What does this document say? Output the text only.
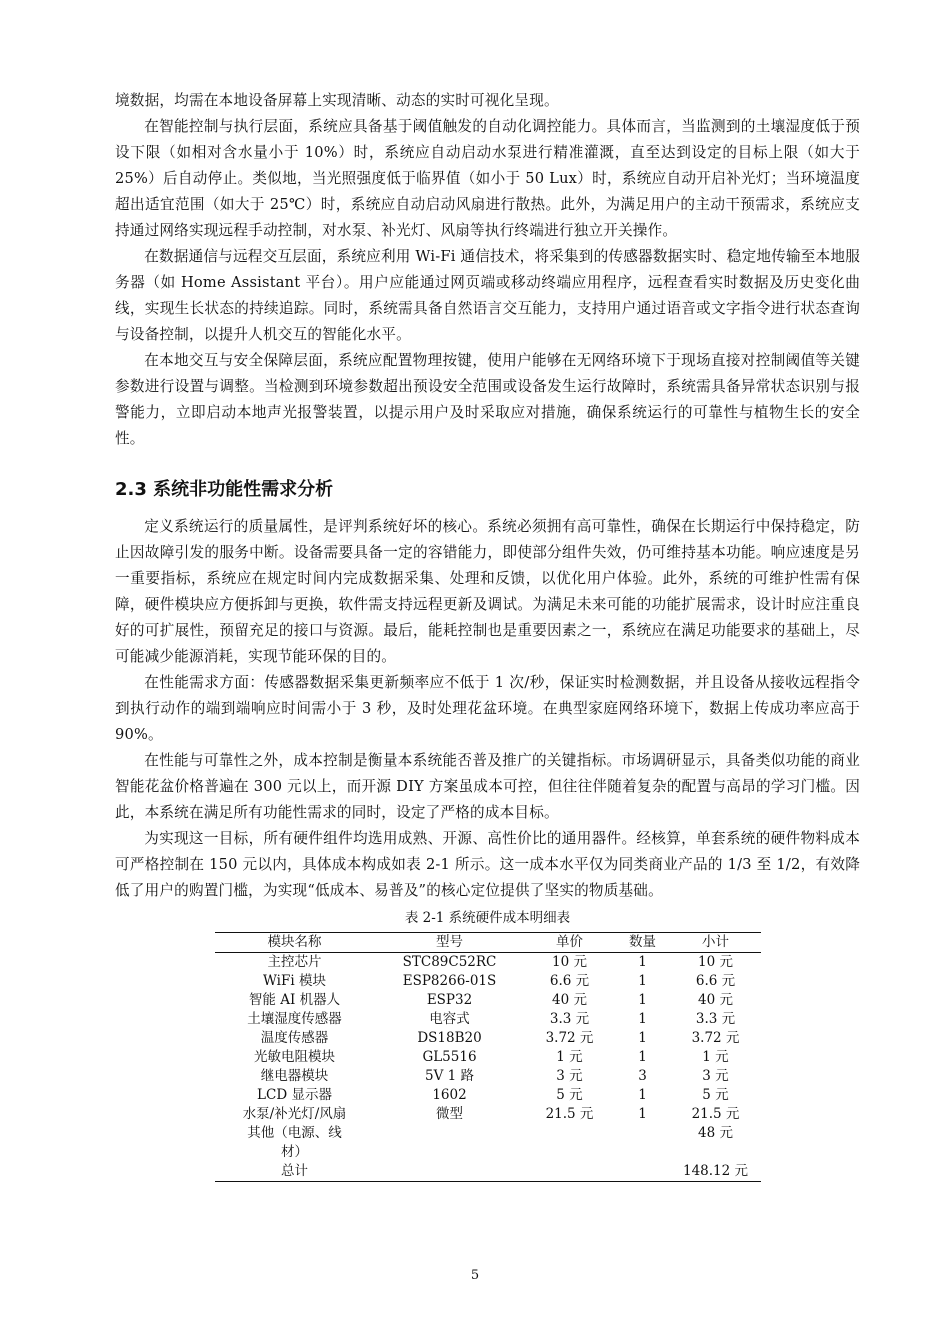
境数据，均需在本地设备屏幕上实现清晰、动态的实时可视化呈现。

在智能控制与执行层面，系统应具备基于阈值触发的自动化调控能力。具体而言，当监测到的土壤湿度低于预设下限（如相对含水量小于 10%）时，系统应自动启动水泵进行精准灌溉，直至达到设定的目标上限（如大于 25%）后自动停止。类似地，当光照强度低于临界值（如小于 50 Lux）时，系统应自动开启补光灯；当环境温度超出适宜范围（如大于 25℃）时，系统应自动启动风扇进行散热。此外，为满足用户的主动干预需求，系统应支持通过网络实现远程手动控制，对水泵、补光灯、风扇等执行终端进行独立开关操作。

在数据通信与远程交互层面，系统应利用 Wi-Fi 通信技术，将采集到的传感器数据实时、稳定地传输至本地服务器（如 Home Assistant 平台）。用户应能通过网页端或移动终端应用程序，远程查看实时数据及历史变化曲线，实现生长状态的持续追踪。同时，系统需具备自然语言交互能力，支持用户通过语音或文字指令进行状态查询与设备控制，以提升人机交互的智能化水平。

在本地交互与安全保障层面，系统应配置物理按键，使用户能够在无网络环境下于现场直接对控制阈值等关键参数进行设置与调整。当检测到环境参数超出预设安全范围或设备发生运行故障时，系统需具备异常状态识别与报警能力，立即启动本地声光报警装置，以提示用户及时采取应对措施，确保系统运行的可靠性与植物生长的安全性。

2.3 系统非功能性需求分析

定义系统运行的质量属性，是评判系统好坏的核心。系统必须拥有高可靠性，确保在长期运行中保持稳定，防止因故障引发的服务中断。设备需要具备一定的容错能力，即使部分组件失效，仍可维持基本功能。响应速度是另一重要指标，系统应在规定时间内完成数据采集、处理和反馈，以优化用户体验。此外，系统的可维护性需有保障，硬件模块应方便拆卸与更换，软件需支持远程更新及调试。为满足未来可能的功能扩展需求，设计时应注重良好的可扩展性，预留充足的接口与资源。最后，能耗控制也是重要因素之一，系统应在满足功能要求的基础上，尽可能减少能源消耗，实现节能环保的目的。

在性能需求方面：传感器数据采集更新频率应不低于 1 次/秒，保证实时检测数据，并且设备从接收远程指令到执行动作的端到端响应时间需小于 3 秒，及时处理花盆环境。在典型家庭网络环境下，数据上传成功率应高于 90%。

在性能与可靠性之外，成本控制是衡量本系统能否普及推广的关键指标。市场调研显示，具备类似功能的商业智能花盆价格普遍在 300 元以上，而开源 DIY 方案虽成本可控，但往往伴随着复杂的配置与高昂的学习门槛。因此，本系统在满足所有功能性需求的同时，设定了严格的成本目标。

为实现这一目标，所有硬件组件均选用成熟、开源、高性价比的通用器件。经核算，单套系统的硬件物料成本可严格控制在 150 元以内，具体成本构成如表 2-1 所示。这一成本水平仅为同类商业产品的 1/3 至 1/2，有效降低了用户的购置门槛，为实现“低成本、易普及”的核心定位提供了坚实的物质基础。

表 2-1 系统硬件成本明细表
模块名称	型号	单价	数量	小计
主控芯片	STC89C52RC	10 元	1	10 元
WiFi 模块	ESP8266-01S	6.6 元	1	6.6 元
智能 AI 机器人	ESP32	40 元	1	40 元
土壤湿度传感器	电容式	3.3 元	1	3.3 元
温度传感器	DS18B20	3.72 元	1	3.72 元
光敏电阻模块	GL5516	1 元	1	1 元
继电器模块	5V 1 路	3 元	3	3 元
LCD 显示器	1602	5 元	1	5 元
水泵/补光灯/风扇	微型	21.5 元	1	21.5 元
其他（电源、线材）				48 元
总计				148.12 元
5
